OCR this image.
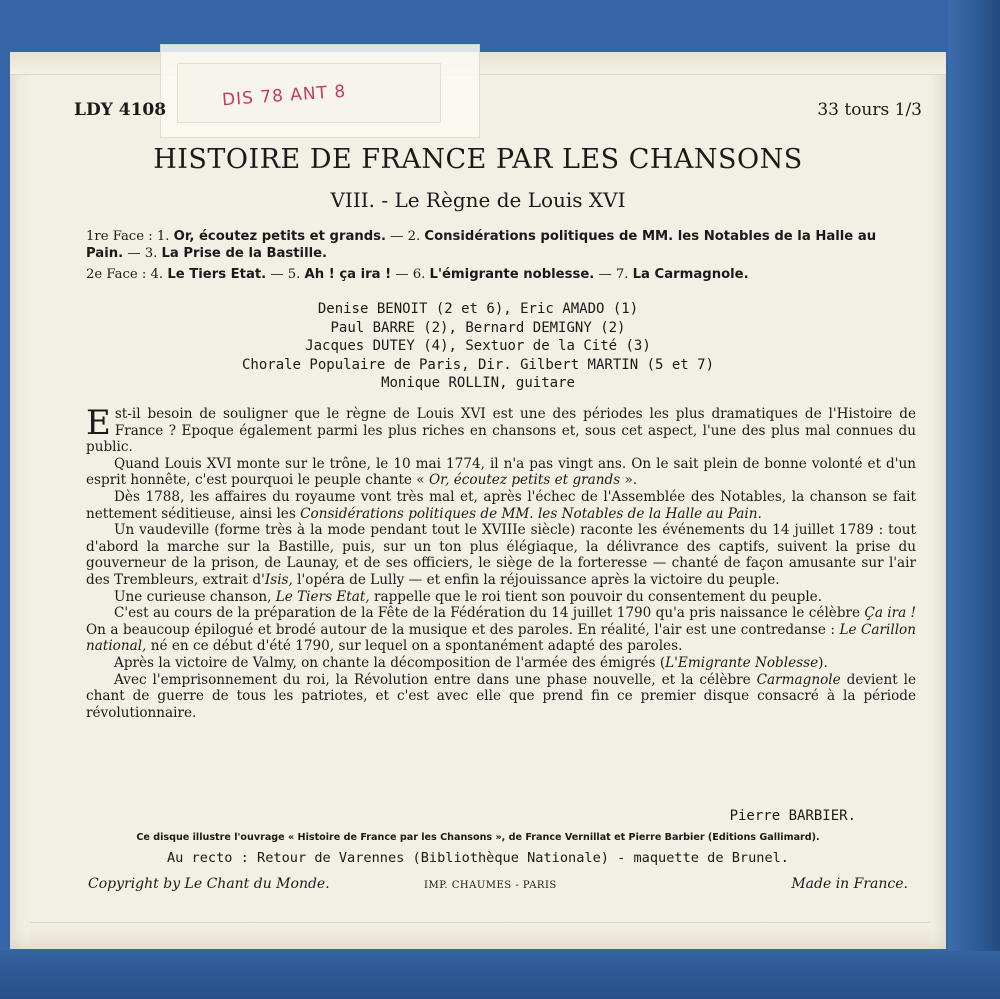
DIS 78 ANT 8
LDY 4108	33 tours 1/3
HISTOIRE DE FRANCE PAR LES CHANSONS
VIII. - Le Règne de Louis XVI
1re Face : 1. Or, écoutez petits et grands. — 2. Considérations politiques de MM. les Notables de la Halle au Pain. — 3. La Prise de la Bastille.
2e Face : 4. Le Tiers Etat. — 5. Ah ! ça ira ! — 6. L'émigrante noblesse. — 7. La Carmagnole.
Denise BENOIT (2 et 6), Eric AMADO (1)
Paul BARRE (2), Bernard DEMIGNY (2)
Jacques DUTEY (4), Sextuor de la Cité (3)
Chorale Populaire de Paris, Dir. Gilbert MARTIN (5 et 7)
Monique ROLLIN, guitare

Est-il besoin de souligner que le règne de Louis XVI est une des périodes les plus dramatiques de l'Histoire de France ? Epoque également parmi les plus riches en chansons et, sous cet aspect, l'une des plus mal connues du public.

Quand Louis XVI monte sur le trône, le 10 mai 1774, il n'a pas vingt ans. On le sait plein de bonne volonté et d'un esprit honnête, c'est pourquoi le peuple chante « Or, écoutez petits et grands ».

Dès 1788, les affaires du royaume vont très mal et, après l'échec de l'Assemblée des Notables, la chanson se fait nettement séditieuse, ainsi les Considérations politiques de MM. les Notables de la Halle au Pain.

Un vaudeville (forme très à la mode pendant tout le XVIIIe siècle) raconte les événements du 14 juillet 1789 : tout d'abord la marche sur la Bastille, puis, sur un ton plus élégiaque, la délivrance des captifs, suivent la prise du gouverneur de la prison, de Launay, et de ses officiers, le siège de la forteresse — chanté de façon amusante sur l'air des Trembleurs, extrait d'Isis, l'opéra de Lully — et enfin la réjouissance après la victoire du peuple.

Une curieuse chanson, Le Tiers Etat, rappelle que le roi tient son pouvoir du consentement du peuple.

C'est au cours de la préparation de la Fête de la Fédération du 14 juillet 1790 qu'a pris naissance le célèbre Ça ira ! On a beaucoup épilogué et brodé autour de la musique et des paroles. En réalité, l'air est une contredanse : Le Carillon national, né en ce début d'été 1790, sur lequel on a spontanément adapté des paroles.

Après la victoire de Valmy, on chante la décomposition de l'armée des émigrés (L'Emigrante Noblesse).

Avec l'emprisonnement du roi, la Révolution entre dans une phase nouvelle, et la célèbre Carmagnole devient le chant de guerre de tous les patriotes, et c'est avec elle que prend fin ce premier disque consacré à la période révolutionnaire.

Pierre BARBIER.
Ce disque illustre l'ouvrage « Histoire de France par les Chansons », de France Vernillat et Pierre Barbier (Editions Gallimard).
Au recto : Retour de Varennes (Bibliothèque Nationale) - maquette de Brunel.
Copyright by Le Chant du Monde.	IMP. CHAUMES - PARIS	Made in France.
